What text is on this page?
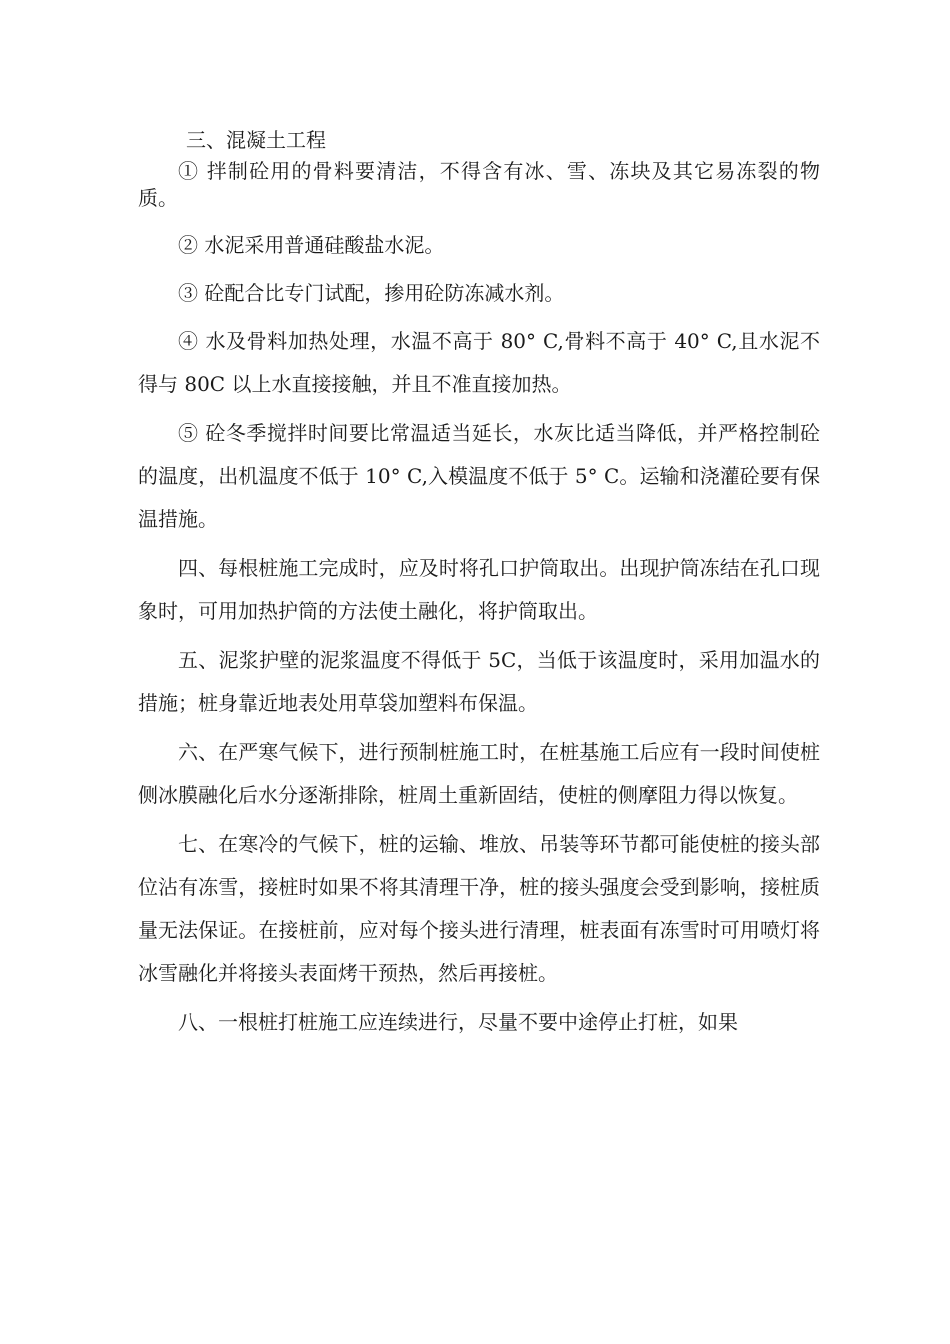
三、混凝土工程

① 拌制砼用的骨料要清洁，不得含有冰、雪、冻块及其它易冻裂的物质。

② 水泥采用普通硅酸盐水泥。

③ 砼配合比专门试配，掺用砼防冻减水剂。

④ 水及骨料加热处理，水温不高于 80° C,骨料不高于 40° C,且水泥不得与 80C 以上水直接接触，并且不准直接加热。

⑤ 砼冬季搅拌时间要比常温适当延长，水灰比适当降低，并严格控制砼的温度，出机温度不低于 10° C,入模温度不低于 5° C。运输和浇灌砼要有保温措施。

四、每根桩施工完成时，应及时将孔口护筒取出。出现护筒冻结在孔口现象时，可用加热护筒的方法使土融化，将护筒取出。

五、泥浆护壁的泥浆温度不得低于 5C，当低于该温度时，采用加温水的措施；桩身靠近地表处用草袋加塑料布保温。

六、在严寒气候下，进行预制桩施工时，在桩基施工后应有一段时间使桩侧冰膜融化后水分逐渐排除，桩周土重新固结，使桩的侧摩阻力得以恢复。

七、在寒冷的气候下，桩的运输、堆放、吊装等环节都可能使桩的接头部位沾有冻雪，接桩时如果不将其清理干净，桩的接头强度会受到影响，接桩质量无法保证。在接桩前，应对每个接头进行清理，桩表面有冻雪时可用喷灯将冰雪融化并将接头表面烤干预热，然后再接桩。

八、一根桩打桩施工应连续进行，尽量不要中途停止打桩，如果
